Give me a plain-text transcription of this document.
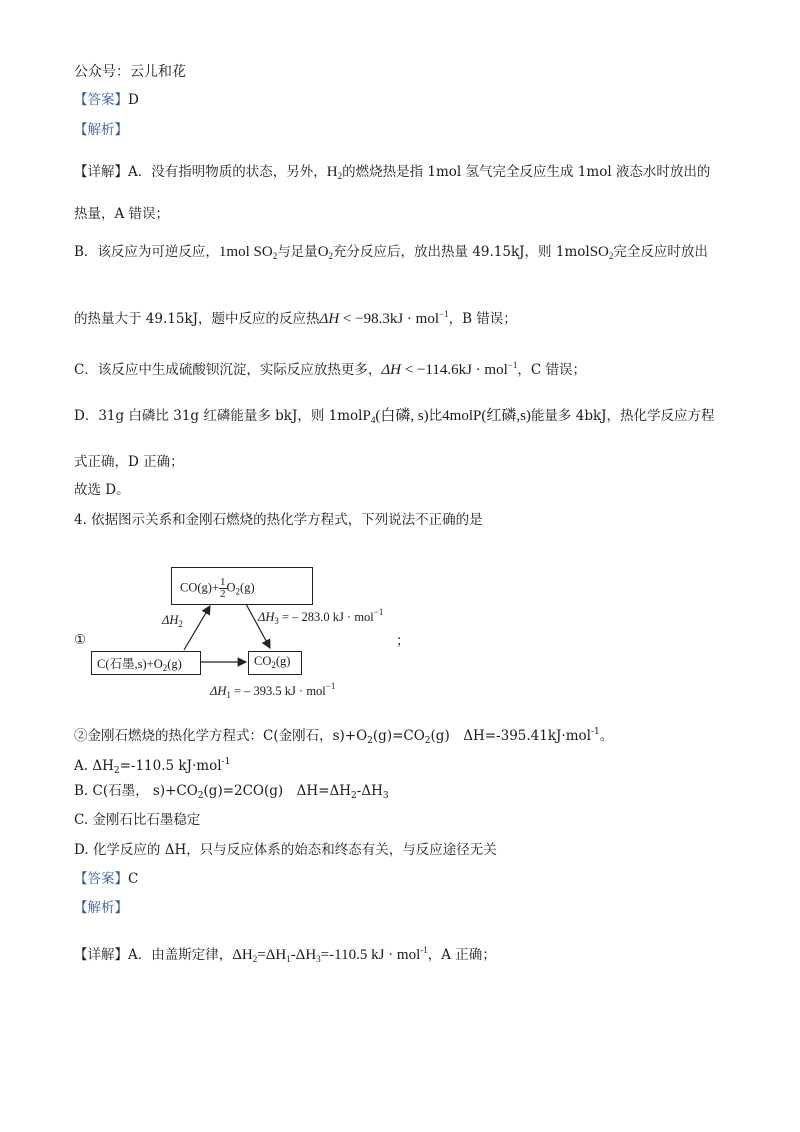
公众号：云儿和花
【答案】D
【解析】
【详解】A．没有指明物质的状态，另外，$H_2$的燃烧热是指 1mol 氢气完全反应生成 1mol 液态水时放出的
热量，A 错误；
B．该反应为可逆反应，1mol $SO_2$与足量$O_2$充分反应后，放出热量 49.15kJ，则 1molSO$_2$完全反应时放出
的热量大于 49.15kJ，题中反应的反应热ΔH < −98.3kJ · mol$^{-1}$，B 错误；
C．该反应中生成硫酸钡沉淀，实际反应放热更多，ΔH < −114.6kJ · mol$^{-1}$，C 错误；
D．31g 白磷比 31g 红磷能量多 bkJ，则 1molP$_4$(白磷, s)比4molP(红磷,s)能量多 4bkJ，热化学反应方程
式正确，D 正确；
故选 D。
4. 依据图示关系和金刚石燃烧的热化学方程式，下列说法不正确的是
①	；
$CO(g)+ \frac{1}{2} O_2(g)$
C(石墨$,s)+O_2(g)$	$CO_2(g)$
$\Delta H_2$	$\Delta H_3$ = – 283.0 kJ · mol$^{-1}$
$\Delta H_1$ = – 393.5 kJ · mol$^{-1}$
②金刚石燃烧的热化学方程式：C(金刚石，$s)+O_2(g)=CO_2(g)$　ΔH=-395.41kJ·mol$^{-1}$。
A. $\Delta H_2=-110.5$ kJ·mol$^{-1}$
B. C(石墨， $s)+CO_2(g)=2CO(g)$　$\Delta H=\Delta H_2-\Delta H_3$
C. 金刚石比石墨稳定
D. 化学反应的 ΔH，只与反应体系的始态和终态有关，与反应途径无关
【答案】C
【解析】
【详解】A．由盖斯定律，$\Delta H_2=\Delta H_1-\Delta H_3=-110.5$ kJ · mol$^{-1}$，A 正确；
